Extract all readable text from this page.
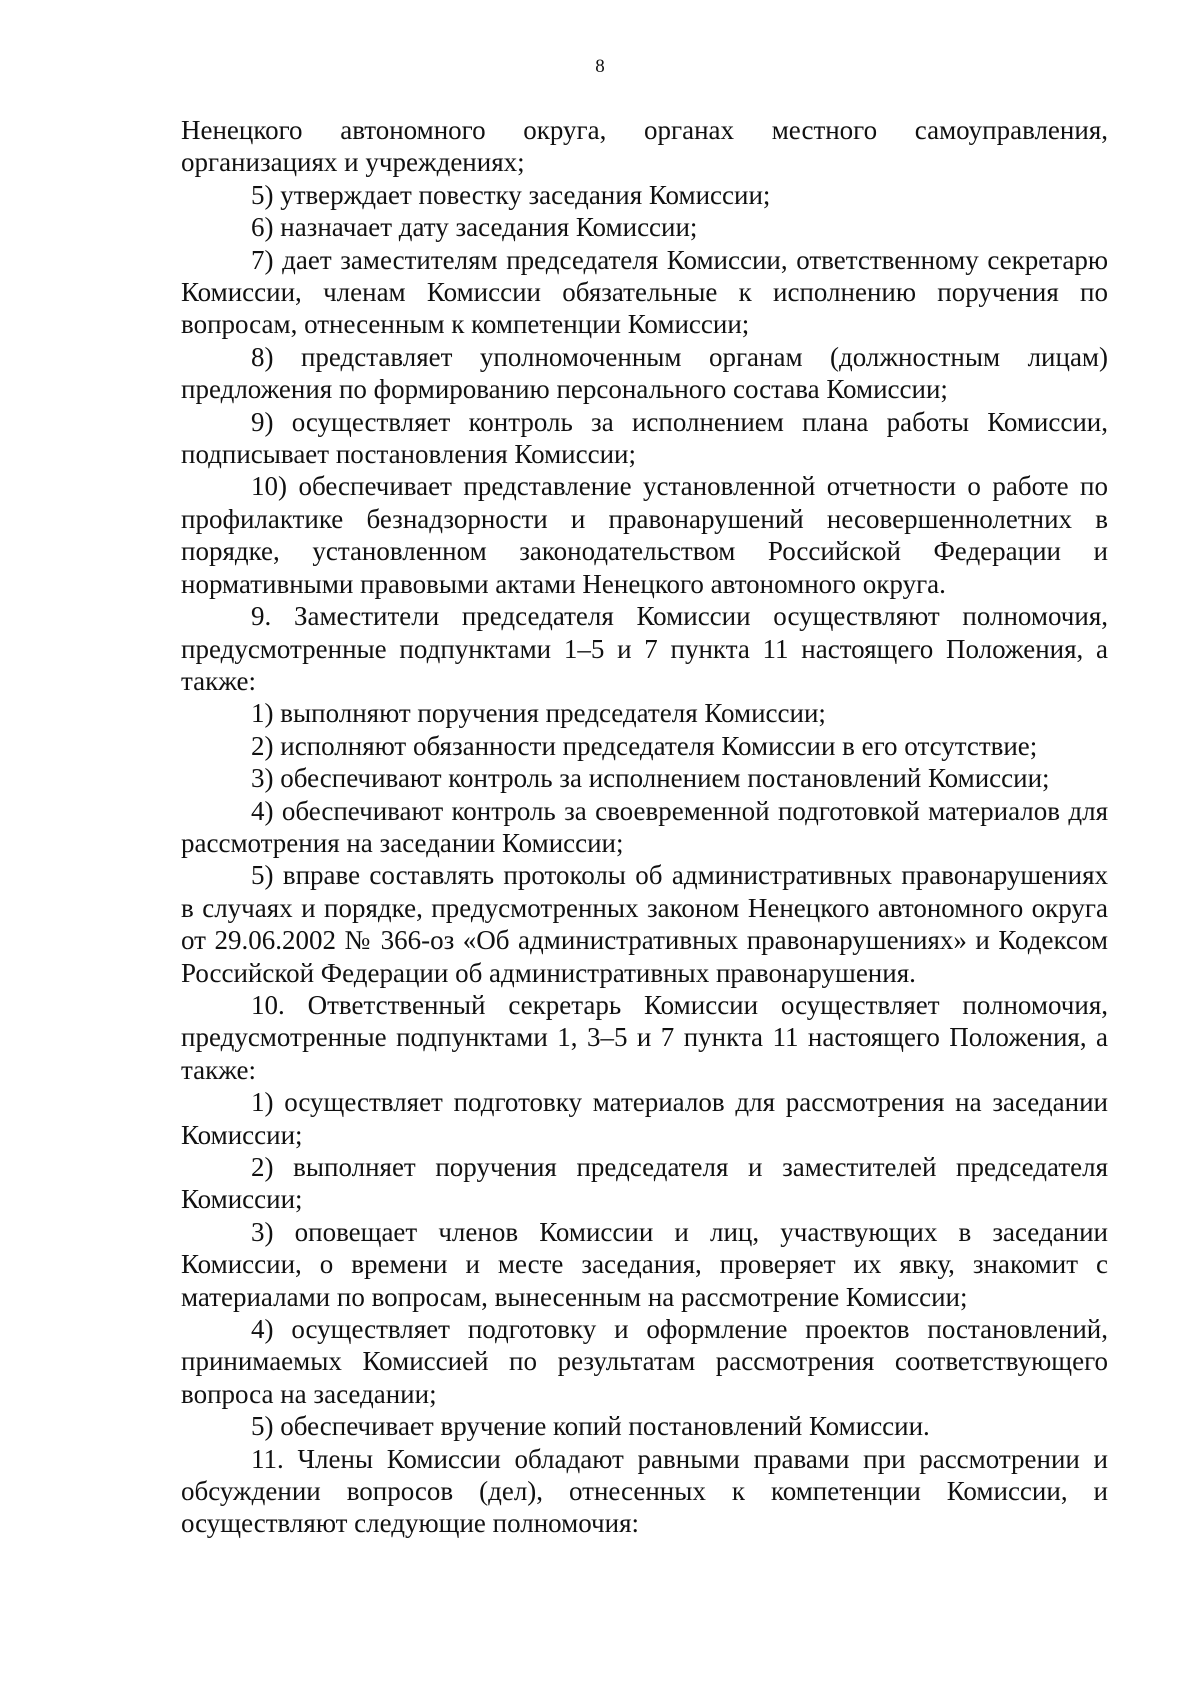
8

Ненецкого автономного округа, органах местного самоуправления, организациях и учреждениях;

5) утверждает повестку заседания Комиссии;

6) назначает дату заседания Комиссии;

7) дает заместителям председателя Комиссии, ответственному секретарю Комиссии, членам Комиссии обязательные к исполнению поручения по вопросам, отнесенным к компетенции Комиссии;

8) представляет уполномоченным органам (должностным лицам) предложения по формированию персонального состава Комиссии;

9) осуществляет контроль за исполнением плана работы Комиссии, подписывает постановления Комиссии;

10) обеспечивает представление установленной отчетности о работе по профилактике безнадзорности и правонарушений несовершеннолетних в порядке, установленном законодательством Российской Федерации и нормативными правовыми актами Ненецкого автономного округа.

9. Заместители председателя Комиссии осуществляют полномочия, предусмотренные подпунктами 1–5 и 7 пункта 11 настоящего Положения, а также:

1) выполняют поручения председателя Комиссии;

2) исполняют обязанности председателя Комиссии в его отсутствие;

3) обеспечивают контроль за исполнением постановлений Комиссии;

4) обеспечивают контроль за своевременной подготовкой материалов для рассмотрения на заседании Комиссии;

5) вправе составлять протоколы об административных правонарушениях в случаях и порядке, предусмотренных законом Ненецкого автономного округа от 29.06.2002 № 366-оз «Об административных правонарушениях» и Кодексом Российской Федерации об административных правонарушения.

10. Ответственный секретарь Комиссии осуществляет полномочия, предусмотренные подпунктами 1, 3–5 и 7 пункта 11 настоящего Положения, а также:

1) осуществляет подготовку материалов для рассмотрения на заседании Комиссии;

2) выполняет поручения председателя и заместителей председателя Комиссии;

3) оповещает членов Комиссии и лиц, участвующих в заседании Комиссии, о времени и месте заседания, проверяет их явку, знакомит с материалами по вопросам, вынесенным на рассмотрение Комиссии;

4) осуществляет подготовку и оформление проектов постановлений, принимаемых Комиссией по результатам рассмотрения соответствующего вопроса на заседании;

5) обеспечивает вручение копий постановлений Комиссии.

11. Члены Комиссии обладают равными правами при рассмотрении и обсуждении вопросов (дел), отнесенных к компетенции Комиссии, и осуществляют следующие полномочия:
